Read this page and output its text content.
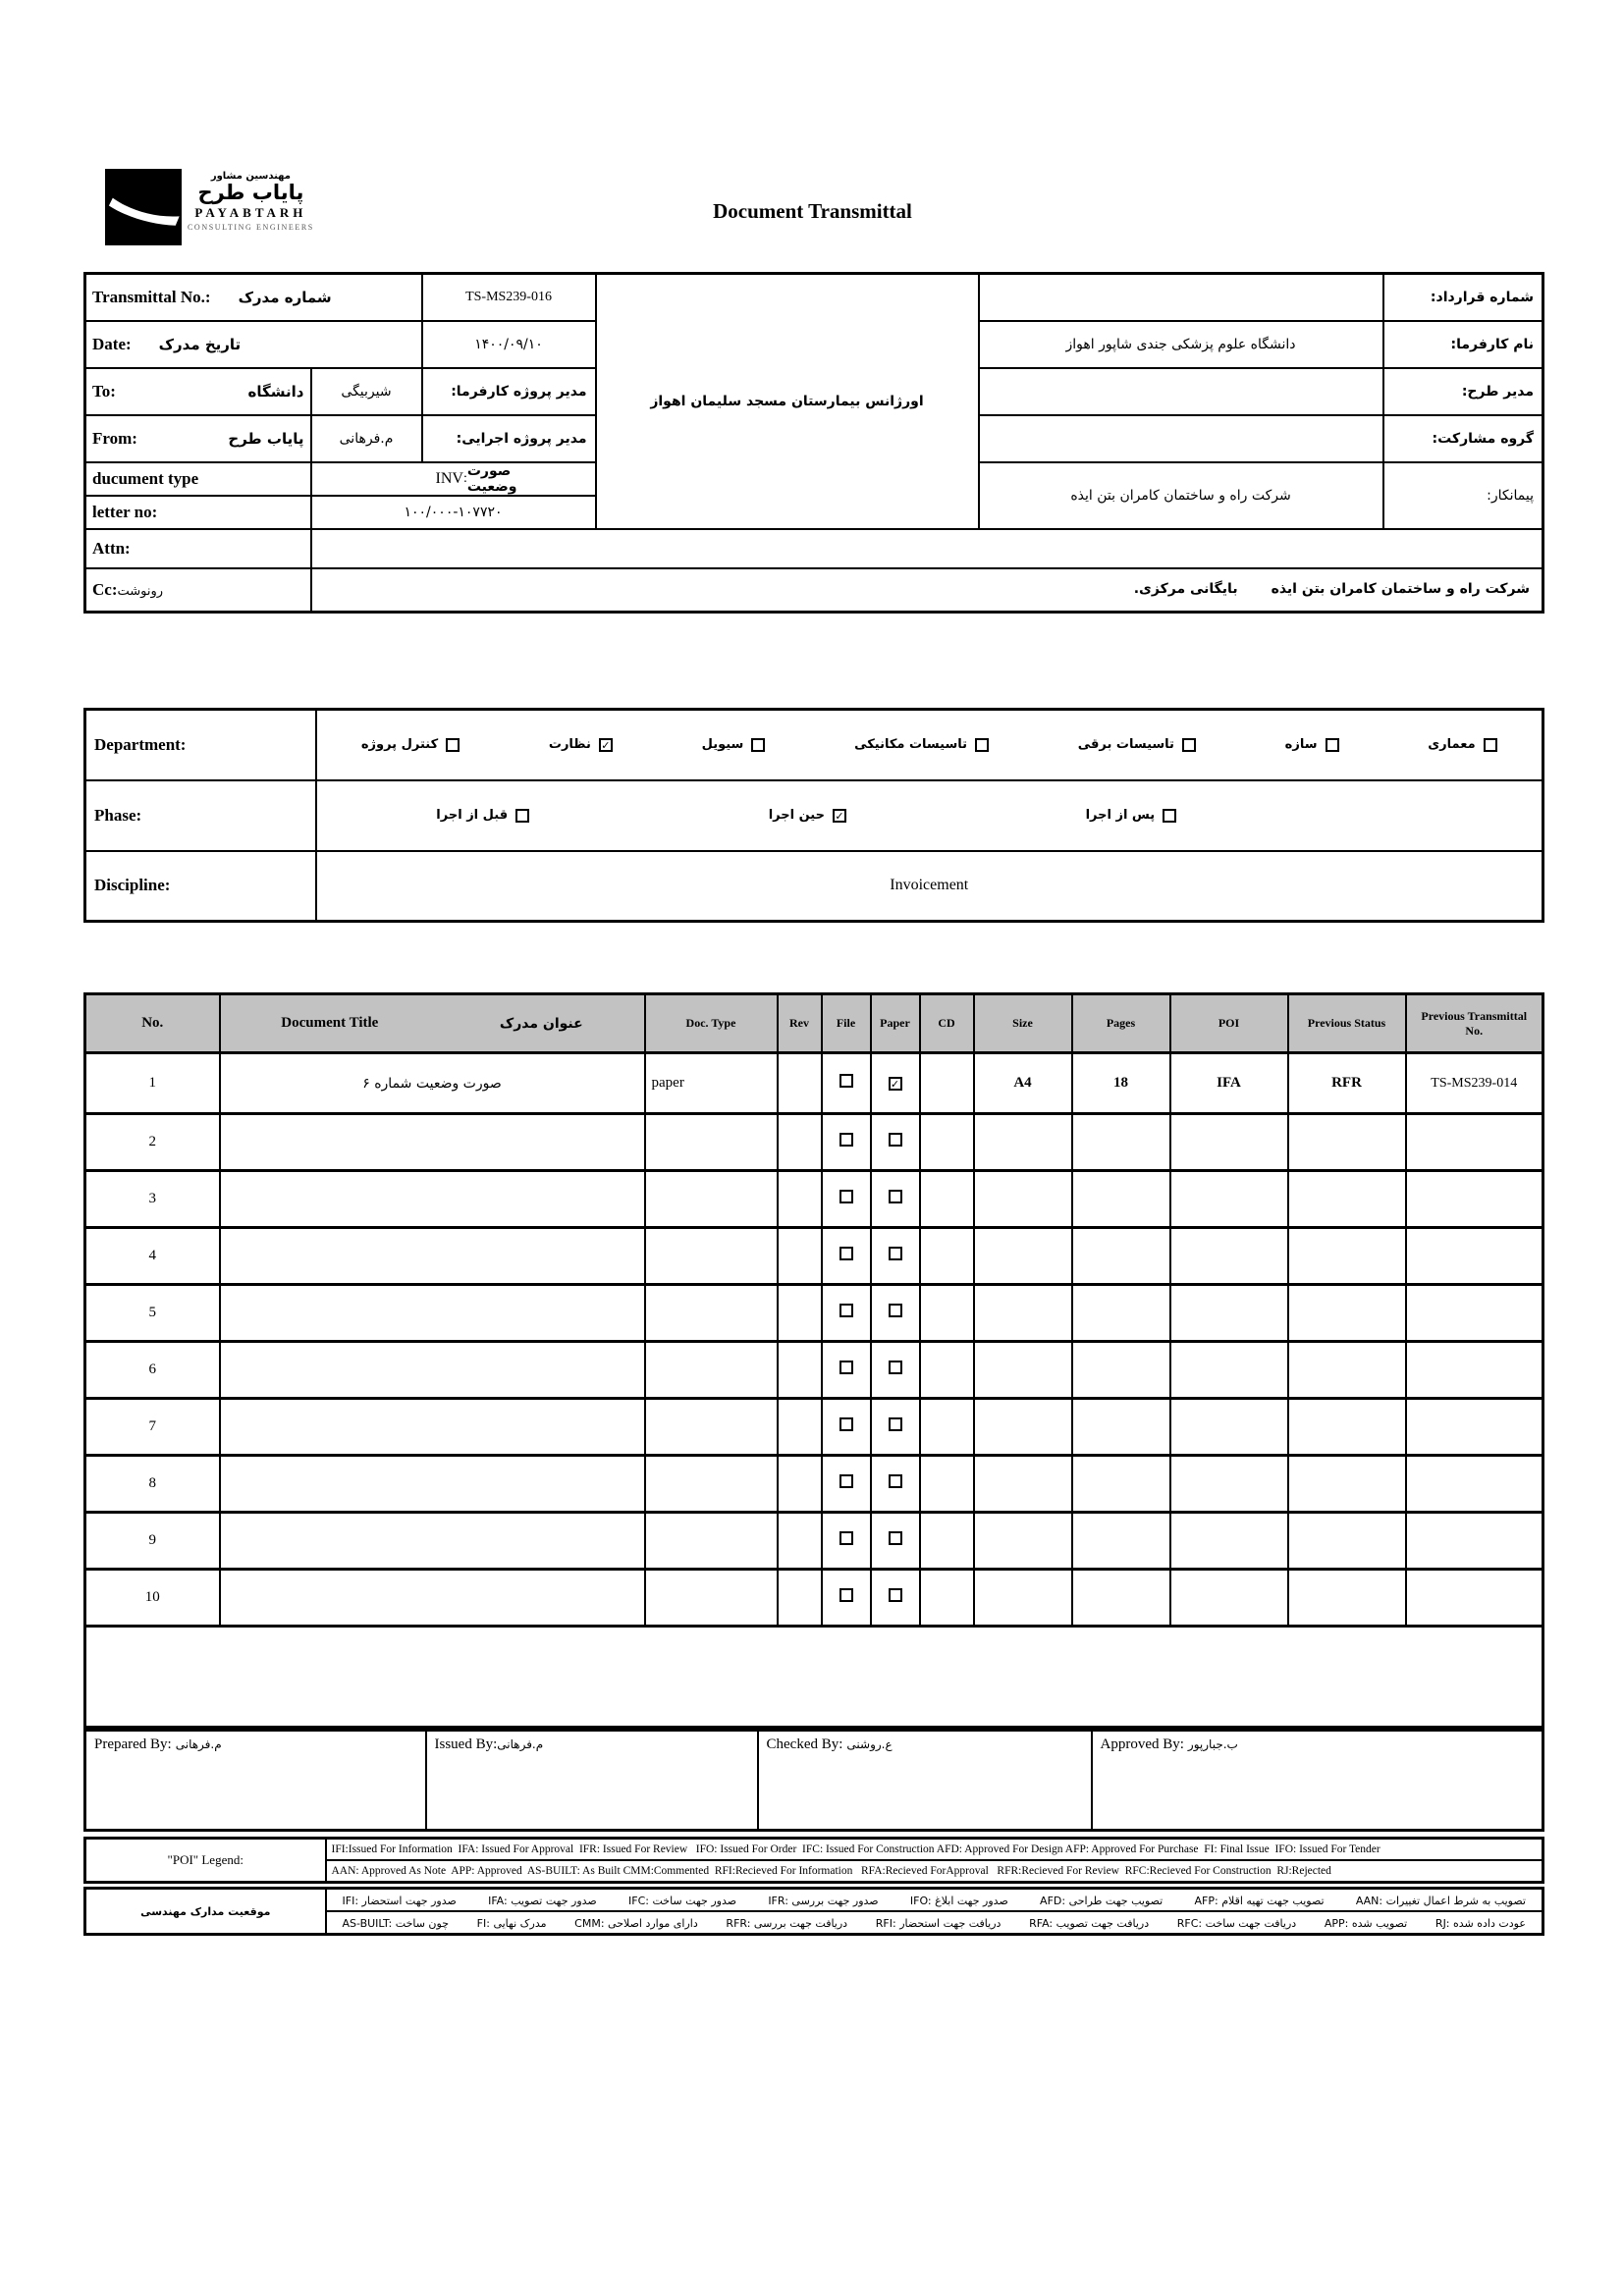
مهندسین مشاور
پایاب طرح
PAYABTARH
CONSULTING ENGINEERS
Document Transmittal
Transmittal No.: شماره مدرک		TS-MS239-016	اورژانس بیمارستان مسجد سلیمان اهواز		شماره قرارداد:

Date: تاریخ مدرک		۱۴۰۰/۰۹/۱۰		دانشگاه علوم پزشکی جندی شاپور اهواز	نام کارفرما:

To: دانشگاه	شیربیگی	مدیر پروژه کارفرما:			مدیر طرح:

From: پایاب طرح	م.فرهانی	مدیر پروژه اجرایی:			گروه مشارکت:
ducument type	INV : صورت وضعیت			شرکت راه و ساختمان کامران بتن ایذه	پیمانکار:
letter no:	۱۰۰/۰۰۰-۱۰۷۷۲۰				
Attn:					
Cc:رونوشت	شرکت راه و ساختمان کامران بتن ایذهبایگانی مرکزی.				
Department:	کنترل پروژه	نظارت ✓	سیویل	تاسیسات مکانیکی	تاسیسات برقی	سازه	معماری

Phase:	قبل از اجرا حین اجرا ✓ پس از اجرا

Discipline:	Invoicement
No.	Document Title عنوان مدرک	Doc. Type	Rev	File	Paper	CD	Size	Pages	POI	Previous Status	Previous Transmittal No.
1	صورت وضعیت شماره ۶	paper			✓		A4	18	IFA	RFR	TS-MS239-014
2											
3											
4											
5											
6											
7											
8											
9											
10											

Prepared By: م.فرهانی	Issued By:م.فرهانی	Checked By: ع.روشنی	Approved By: ب.جبارپور
"POI" Legend:	IFI:Issued For Information  IFA: Issued For Approval  IFR: Issued For Review   IFO: Issued For Order  IFC: Issued For Construction AFD: Approved For Design AFP: Approved For Purchase  FI: Final Issue  IFO: Issued For Tender
AAN: Approved As Note  APP: Approved  AS-BUILT: As Built CMM:Commented  RFI:Recieved For Information   RFA:Recieved ForApproval   RFR:Recieved For Review  RFC:Recieved For Construction  RJ:Rejected
موقعیت مدارک مهندسی	
IFI: صدور جهت استحضار	IFA: صدور جهت تصویب	IFC: صدور جهت ساخت	IFR: صدور جهت بررسی	IFO: صدور جهت ابلاغ	AFD: تصویب جهت طراحی	AFP: تصویب جهت تهیه اقلام	AAN: تصویب به شرط اعمال تغییرات

AS-BUILT: چون ساخت	FI: مدرک نهایی	CMM: دارای موارد اصلاحی	RFR: دریافت جهت بررسی	RFI: دریافت جهت استحضار	RFA: دریافت جهت تصویب	RFC: دریافت جهت ساخت	APP: تصویب شده	RJ: عودت داده شده
